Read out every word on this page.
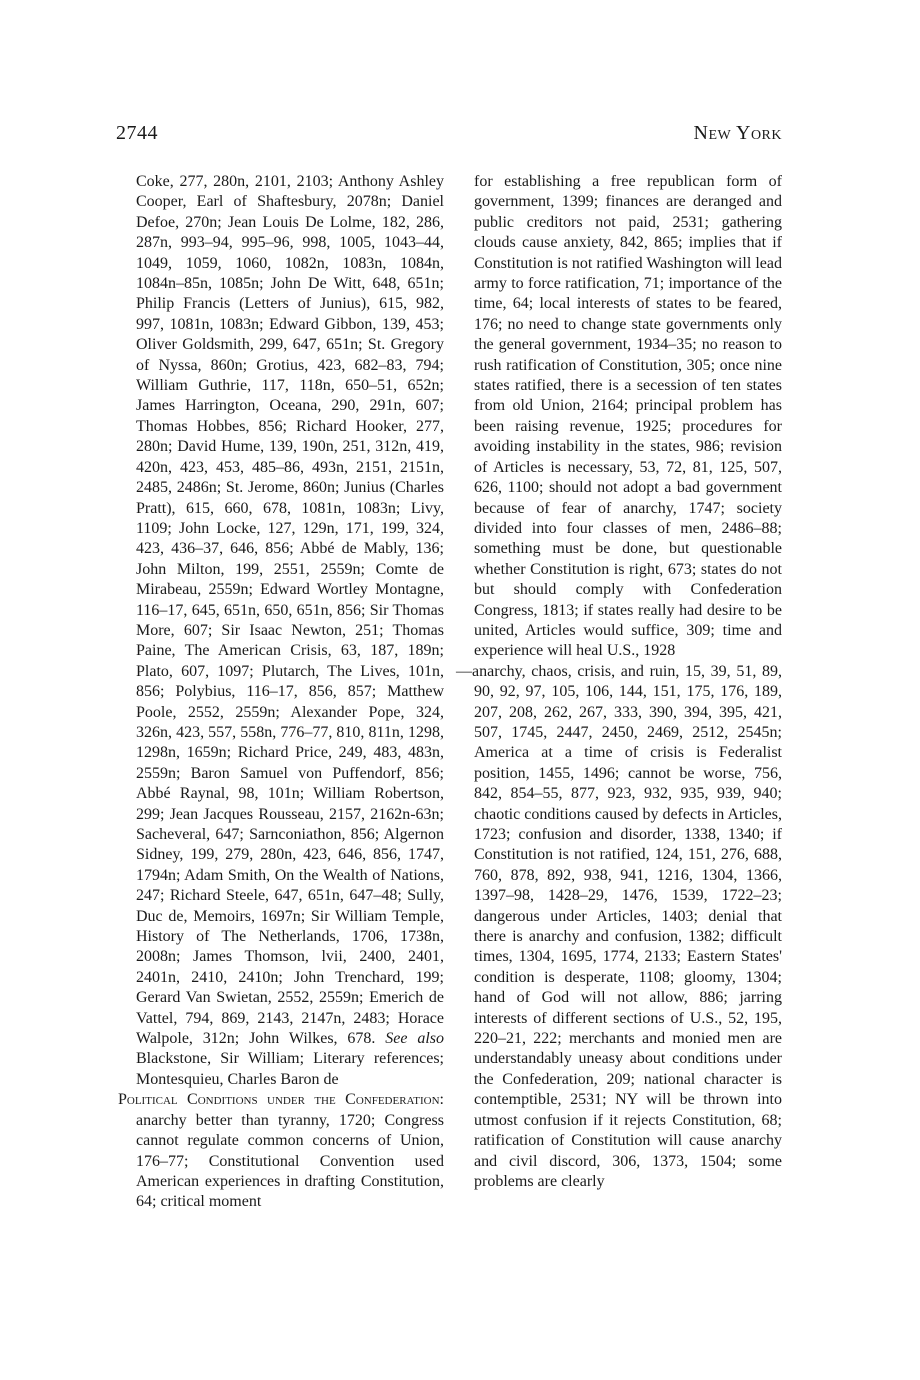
2744	New York

Coke, 277, 280n, 2101, 2103; Anthony Ashley Cooper, Earl of Shaftesbury, 2078n; Daniel Defoe, 270n; Jean Louis De Lolme, 182, 286, 287n, 993–94, 995–96, 998, 1005, 1043–44, 1049, 1059, 1060, 1082n, 1083n, 1084n, 1084n–85n, 1085n; John De Witt, 648, 651n; Philip Francis (Letters of Junius), 615, 982, 997, 1081n, 1083n; Edward Gibbon, 139, 453; Oliver Goldsmith, 299, 647, 651n; St. Gregory of Nyssa, 860n; Grotius, 423, 682–83, 794; William Guthrie, 117, 118n, 650–51, 652n; James Harrington, Oceana, 290, 291n, 607; Thomas Hobbes, 856; Richard Hooker, 277, 280n; David Hume, 139, 190n, 251, 312n, 419, 420n, 423, 453, 485–86, 493n, 2151, 2151n, 2485, 2486n; St. Jerome, 860n; Junius (Charles Pratt), 615, 660, 678, 1081n, 1083n; Livy, 1109; John Locke, 127, 129n, 171, 199, 324, 423, 436–37, 646, 856; Abbé de Mably, 136; John Milton, 199, 2551, 2559n; Comte de Mirabeau, 2559n; Edward Wortley Montagne, 116–17, 645, 651n, 650, 651n, 856; Sir Thomas More, 607; Sir Isaac Newton, 251; Thomas Paine, The American Crisis, 63, 187, 189n; Plato, 607, 1097; Plutarch, The Lives, 101n, 856; Polybius, 116–17, 856, 857; Matthew Poole, 2552, 2559n; Alexander Pope, 324, 326n, 423, 557, 558n, 776–77, 810, 811n, 1298, 1298n, 1659n; Richard Price, 249, 483, 483n, 2559n; Baron Samuel von Puffendorf, 856; Abbé Raynal, 98, 101n; William Robertson, 299; Jean Jacques Rousseau, 2157, 2162n-63n; Sacheveral, 647; Sarnconiathon, 856; Algernon Sidney, 199, 279, 280n, 423, 646, 856, 1747, 1794n; Adam Smith, On the Wealth of Nations, 247; Richard Steele, 647, 651n, 647–48; Sully, Duc de, Memoirs, 1697n; Sir William Temple, History of The Netherlands, 1706, 1738n, 2008n; James Thomson, lvii, 2400, 2401, 2401n, 2410, 2410n; John Trenchard, 199; Gerard Van Swietan, 2552, 2559n; Emerich de Vattel, 794, 869, 2143, 2147n, 2483; Horace Walpole, 312n; John Wilkes, 678. See also Blackstone, Sir William; Literary references; Montesquieu, Charles Baron de

Political Conditions under the Confederation: anarchy better than tyranny, 1720; Congress cannot regulate common concerns of Union, 176–77; Constitutional Convention used American experiences in drafting Constitution, 64; critical moment

for establishing a free republican form of government, 1399; finances are deranged and public creditors not paid, 2531; gathering clouds cause anxiety, 842, 865; implies that if Constitution is not ratified Washington will lead army to force ratification, 71; importance of the time, 64; local interests of states to be feared, 176; no need to change state governments only the general government, 1934–35; no reason to rush ratification of Constitution, 305; once nine states ratified, there is a secession of ten states from old Union, 2164; principal problem has been raising revenue, 1925; procedures for avoiding instability in the states, 986; revision of Articles is necessary, 53, 72, 81, 125, 507, 626, 1100; should not adopt a bad government because of fear of anarchy, 1747; society divided into four classes of men, 2486–88; something must be done, but questionable whether Constitution is right, 673; states do not but should comply with Confederation Congress, 1813; if states really had desire to be united, Articles would suffice, 309; time and experience will heal U.S., 1928

—anarchy, chaos, crisis, and ruin, 15, 39, 51, 89, 90, 92, 97, 105, 106, 144, 151, 175, 176, 189, 207, 208, 262, 267, 333, 390, 394, 395, 421, 507, 1745, 2447, 2450, 2469, 2512, 2545n; America at a time of crisis is Federalist position, 1455, 1496; cannot be worse, 756, 842, 854–55, 877, 923, 932, 935, 939, 940; chaotic conditions caused by defects in Articles, 1723; confusion and disorder, 1338, 1340; if Constitution is not ratified, 124, 151, 276, 688, 760, 878, 892, 938, 941, 1216, 1304, 1366, 1397–98, 1428–29, 1476, 1539, 1722–23; dangerous under Articles, 1403; denial that there is anarchy and confusion, 1382; difficult times, 1304, 1695, 1774, 2133; Eastern States' condition is desperate, 1108; gloomy, 1304; hand of God will not allow, 886; jarring interests of different sections of U.S., 52, 195, 220–21, 222; merchants and monied men are understandably uneasy about conditions under the Confederation, 209; national character is contemptible, 2531; NY will be thrown into utmost confusion if it rejects Constitution, 68; ratification of Constitution will cause anarchy and civil discord, 306, 1373, 1504; some problems are clearly
